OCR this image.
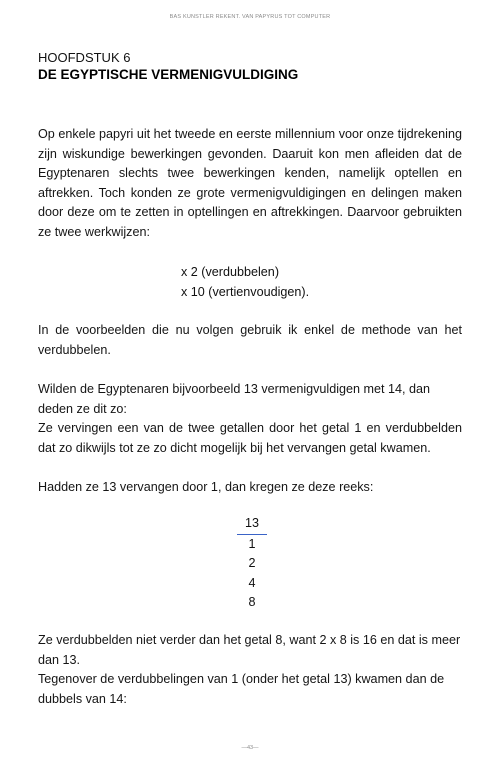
BAS KUNSTLER REKENT. VAN PAPYRUS TOT COMPUTER
HOOFDSTUK 6
DE EGYPTISCHE VERMENIGVULDIGING

Op enkele papyri uit het tweede en eerste millennium voor onze tijdrekening zijn wiskundige bewerkingen gevonden. Daaruit kon men afleiden dat de Egyptenaren slechts twee bewerkingen kenden, namelijk optellen en aftrekken. Toch konden ze grote vermenigvuldigingen en delingen maken door deze om te zetten in optellingen en aftrekkingen. Daarvoor gebruikten ze twee werkwijzen:

x 2 (verdubbelen)
x 10 (vertienvoudigen).

In de voorbeelden die nu volgen gebruik ik enkel de methode van het verdubbelen.

Wilden de Egyptenaren bijvoorbeeld 13 vermenigvuldigen met 14, dan deden ze dit zo:

Ze vervingen een van de twee getallen door het getal 1 en verdubbelden dat zo dikwijls tot ze zo dicht mogelijk bij het vervangen getal kwamen.

Hadden ze 13 vervangen door 1, dan kregen ze deze reeks:

13
1
2
4
8

Ze verdubbelden niet verder dan het getal 8, want 2 x 8 is 16 en dat is meer dan 13.

Tegenover de verdubbelingen van 1 (onder het getal 13) kwamen dan de dubbels van 14:

—43—
